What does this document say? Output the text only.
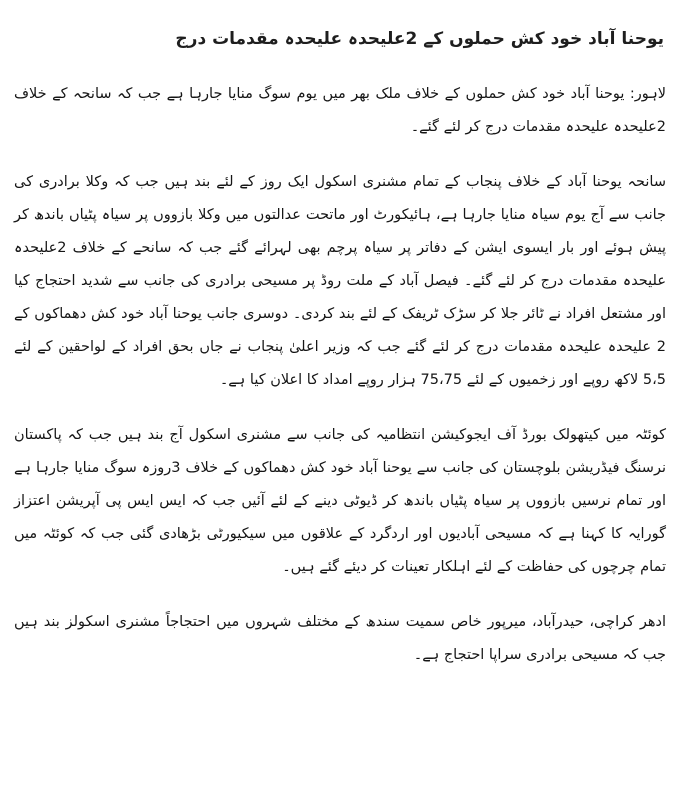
یوحنا آباد خود کش حملوں کے 2علیحدہ علیحدہ مقدمات درج

لاہور: یوحنا آباد خود کش حملوں کے خلاف ملک بھر میں یوم سوگ منایا جارہا ہے جب کہ سانحہ کے خلاف 2علیحدہ علیحدہ مقدمات درج کر لئے گئے۔

سانحہ یوحنا آباد کے خلاف پنجاب کے تمام مشنری اسکول ایک روز کے لئے بند ہیں جب کہ وکلا برادری کی جانب سے آج یوم سیاہ منایا جارہا ہے، ہائیکورٹ اور ماتحت عدالتوں میں وکلا بازووں پر سیاہ پٹیاں باندھ کر پیش ہوئے اور بار ایسوی ایشن کے دفاتر پر سیاہ پرچم بھی لہرائے گئے جب کہ سانحے کے خلاف 2علیحدہ علیحدہ مقدمات درج کر لئے گئے۔ فیصل آباد کے ملت روڈ پر مسیحی برادری کی جانب سے شدید احتجاج کیا اور مشتعل افراد نے ٹائر جلا کر سڑک ٹریفک کے لئے بند کردی۔ دوسری جانب یوحنا آباد خود کش دھماکوں کے 2 علیحدہ علیحدہ مقدمات درج کر لئے گئے جب کہ وزیر اعلیٰ پنجاب نے جاں بحق افراد کے لواحقین کے لئے 5،5 لاکھ روپے اور زخمیوں کے لئے 75،75 ہزار روپے امداد کا اعلان کیا ہے۔

کوئٹہ میں کیتھولک بورڈ آف ایجوکیشن انتظامیہ کی جانب سے مشنری اسکول آج بند ہیں جب کہ پاکستان نرسنگ فیڈریشن بلوچستان کی جانب سے یوحنا آباد خود کش دھماکوں کے خلاف 3روزہ سوگ منایا جارہا ہے اور تمام نرسیں بازووں پر سیاہ پٹیاں باندھ کر ڈیوٹی دینے کے لئے آئیں جب کہ ایس ایس پی آپریشن اعتزاز گورایہ کا کہنا ہے کہ مسیحی آبادیوں اور اردگرد کے علاقوں میں سیکیورٹی بڑھادی گئی جب کہ کوئٹہ میں تمام چرچوں کی حفاظت کے لئے اہلکار تعینات کر دیئے گئے ہیں۔

ادھر کراچی، حیدرآباد، میرپور خاص سمیت سندھ کے مختلف شہروں میں احتجاجاً مشنری اسکولز بند ہیں جب کہ مسیحی برادری سراپا احتجاج ہے۔
